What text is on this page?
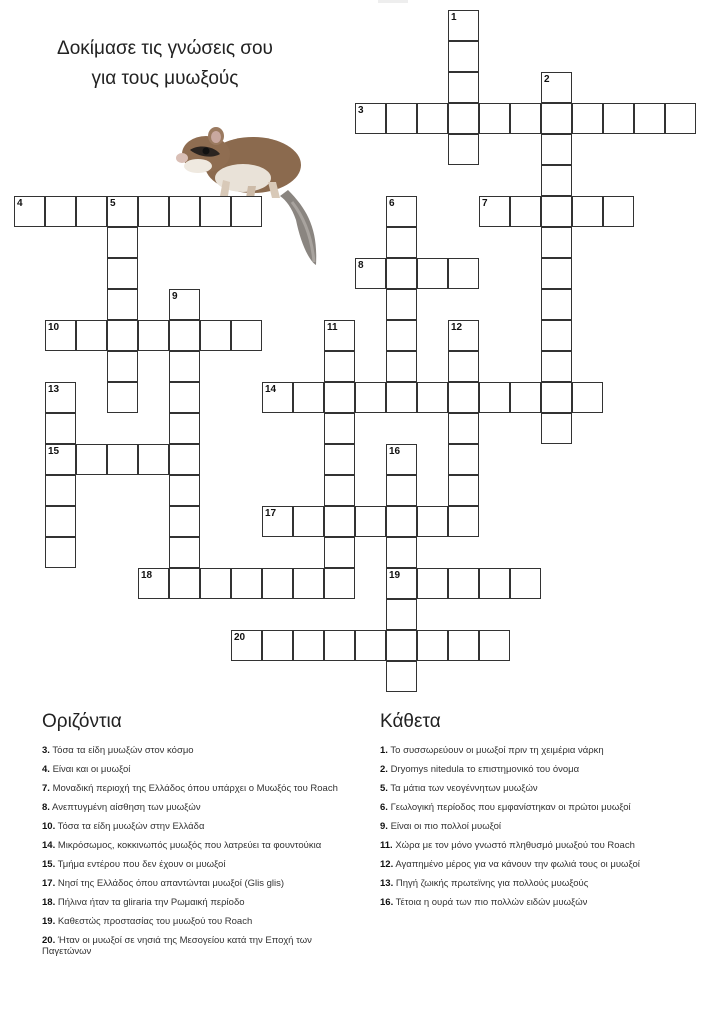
Δοκίμασε τις γνώσεις σου
για τους μυωξούς
1
2
3
4	5	6	7
8
9
10	11	12
13	14
15	16
17
18	19
20
Οριζόντια
3. Τόσα τα είδη μυωξών στον κόσμο
4. Είναι και οι μυωξοί
7. Μοναδική περιοχή της Ελλάδος όπου υπάρχει ο Μυωξός του Roach
8. Ανεπτυγμένη αίσθηση των μυωξών
10. Τόσα τα είδη μυωξών στην Ελλάδα
14. Μικρόσωμος, κοκκινωπός μυωξός που λατρεύει τα φουντούκια
15. Τμήμα εντέρου που δεν έχουν οι μυωξοί
17. Νησί της Ελλάδος όπου απαντώνται μυωξοί (Glis glis)
18. Πήλινα ήταν τα gliraria την Ρωμαική περίοδο
19. Καθεστώς προστασίας του μυωξού του Roach
20. Ήταν οι μυωξοί σε νησιά της Μεσογείου κατά την Εποχή των Παγετώνων
Κάθετα
1. Το συσσωρεύουν οι μυωξοί πριν τη χειμέρια νάρκη
2. Dryomys nitedula το επιστημονικό του όνομα
5. Τα μάτια των νεογέννητων μυωξών
6. Γεωλογική περίοδος που εμφανίστηκαν οι πρώτοι μυωξοί
9. Είναι οι πιο πολλοί μυωξοί
11. Χώρα με τον μόνο γνωστό πληθυσμό μυωξού του Roach
12. Αγαπημένο μέρος για να κάνουν την φωλιά τους οι μυωξοί
13. Πηγή ζωικής πρωτεϊνης για πολλούς μυωξούς
16. Τέτοια η ουρά των πιο πολλών ειδών μυωξών
